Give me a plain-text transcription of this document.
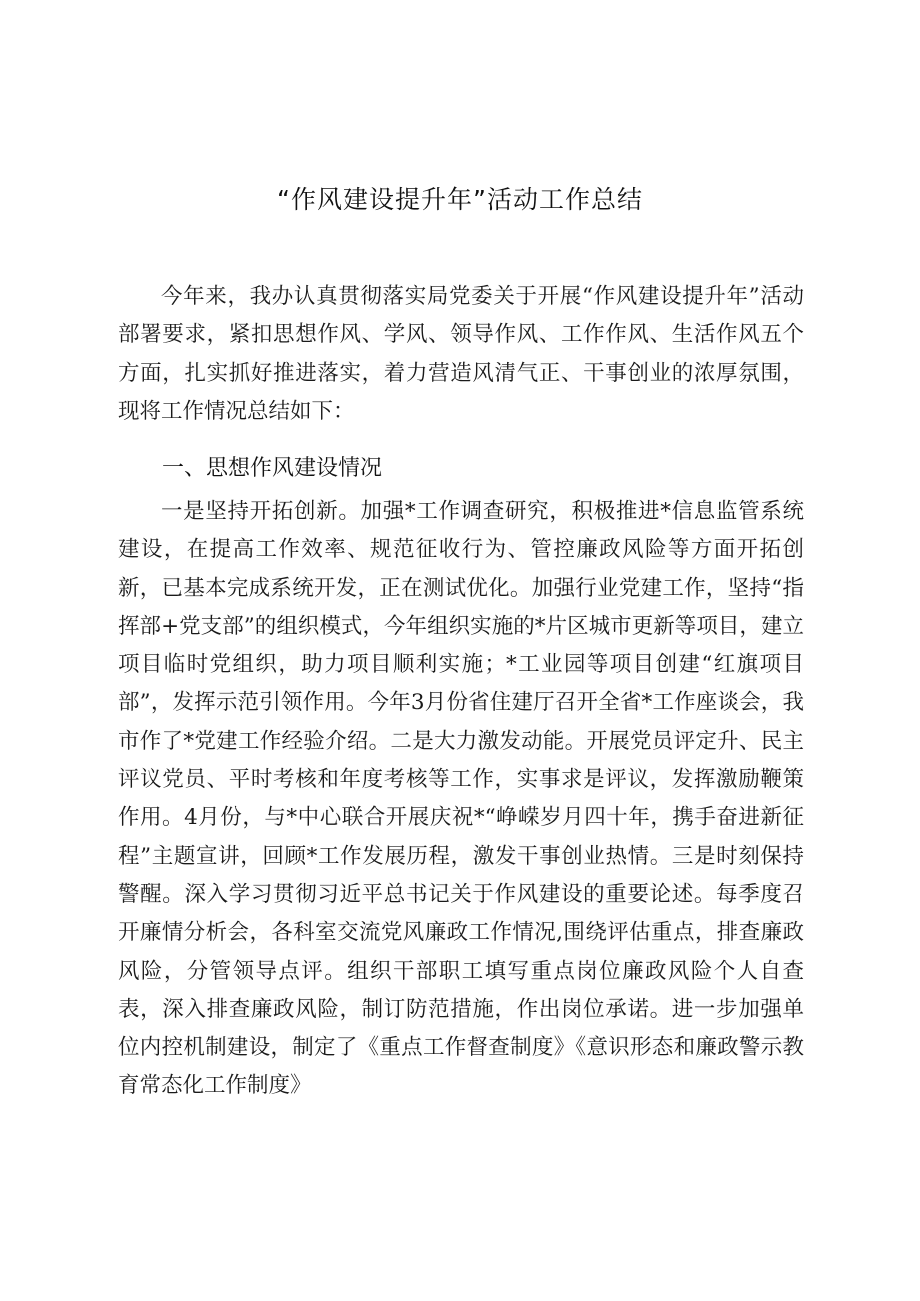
“作风建设提升年”活动工作总结

今年来，我办认真贯彻落实局党委关于开展“作风建设提升年”活动部署要求，紧扣思想作风、学风、领导作风、工作作风、生活作风五个方面，扎实抓好推进落实，着力营造风清气正、干事创业的浓厚氛围，现将工作情况总结如下：

一、思想作风建设情况

一是坚持开拓创新。加强*工作调查研究，积极推进*信息监管系统建设，在提高工作效率、规范征收行为、管控廉政风险等方面开拓创新，已基本完成系统开发，正在测试优化。加强行业党建工作，坚持“指挥部+党支部”的组织模式，今年组织实施的*片区城市更新等项目，建立项目临时党组织，助力项目顺利实施；*工业园等项目创建“红旗项目部”，发挥示范引领作用。今年3月份省住建厅召开全省*工作座谈会，我市作了*党建工作经验介绍。二是大力激发动能。开展党员评定升、民主评议党员、平时考核和年度考核等工作，实事求是评议，发挥激励鞭策作用。4月份，与*中心联合开展庆祝*“峥嵘岁月四十年，携手奋进新征程”主题宣讲，回顾*工作发展历程，激发干事创业热情。三是时刻保持警醒。深入学习贯彻习近平总书记关于作风建设的重要论述。每季度召开廉情分析会，各科室交流党风廉政工作情况,围绕评估重点，排查廉政风险，分管领导点评。组织干部职工填写重点岗位廉政风险个人自查表，深入排查廉政风险，制订防范措施，作出岗位承诺。进一步加强单位内控机制建设，制定了《重点工作督查制度》《意识形态和廉政警示教育常态化工作制度》
